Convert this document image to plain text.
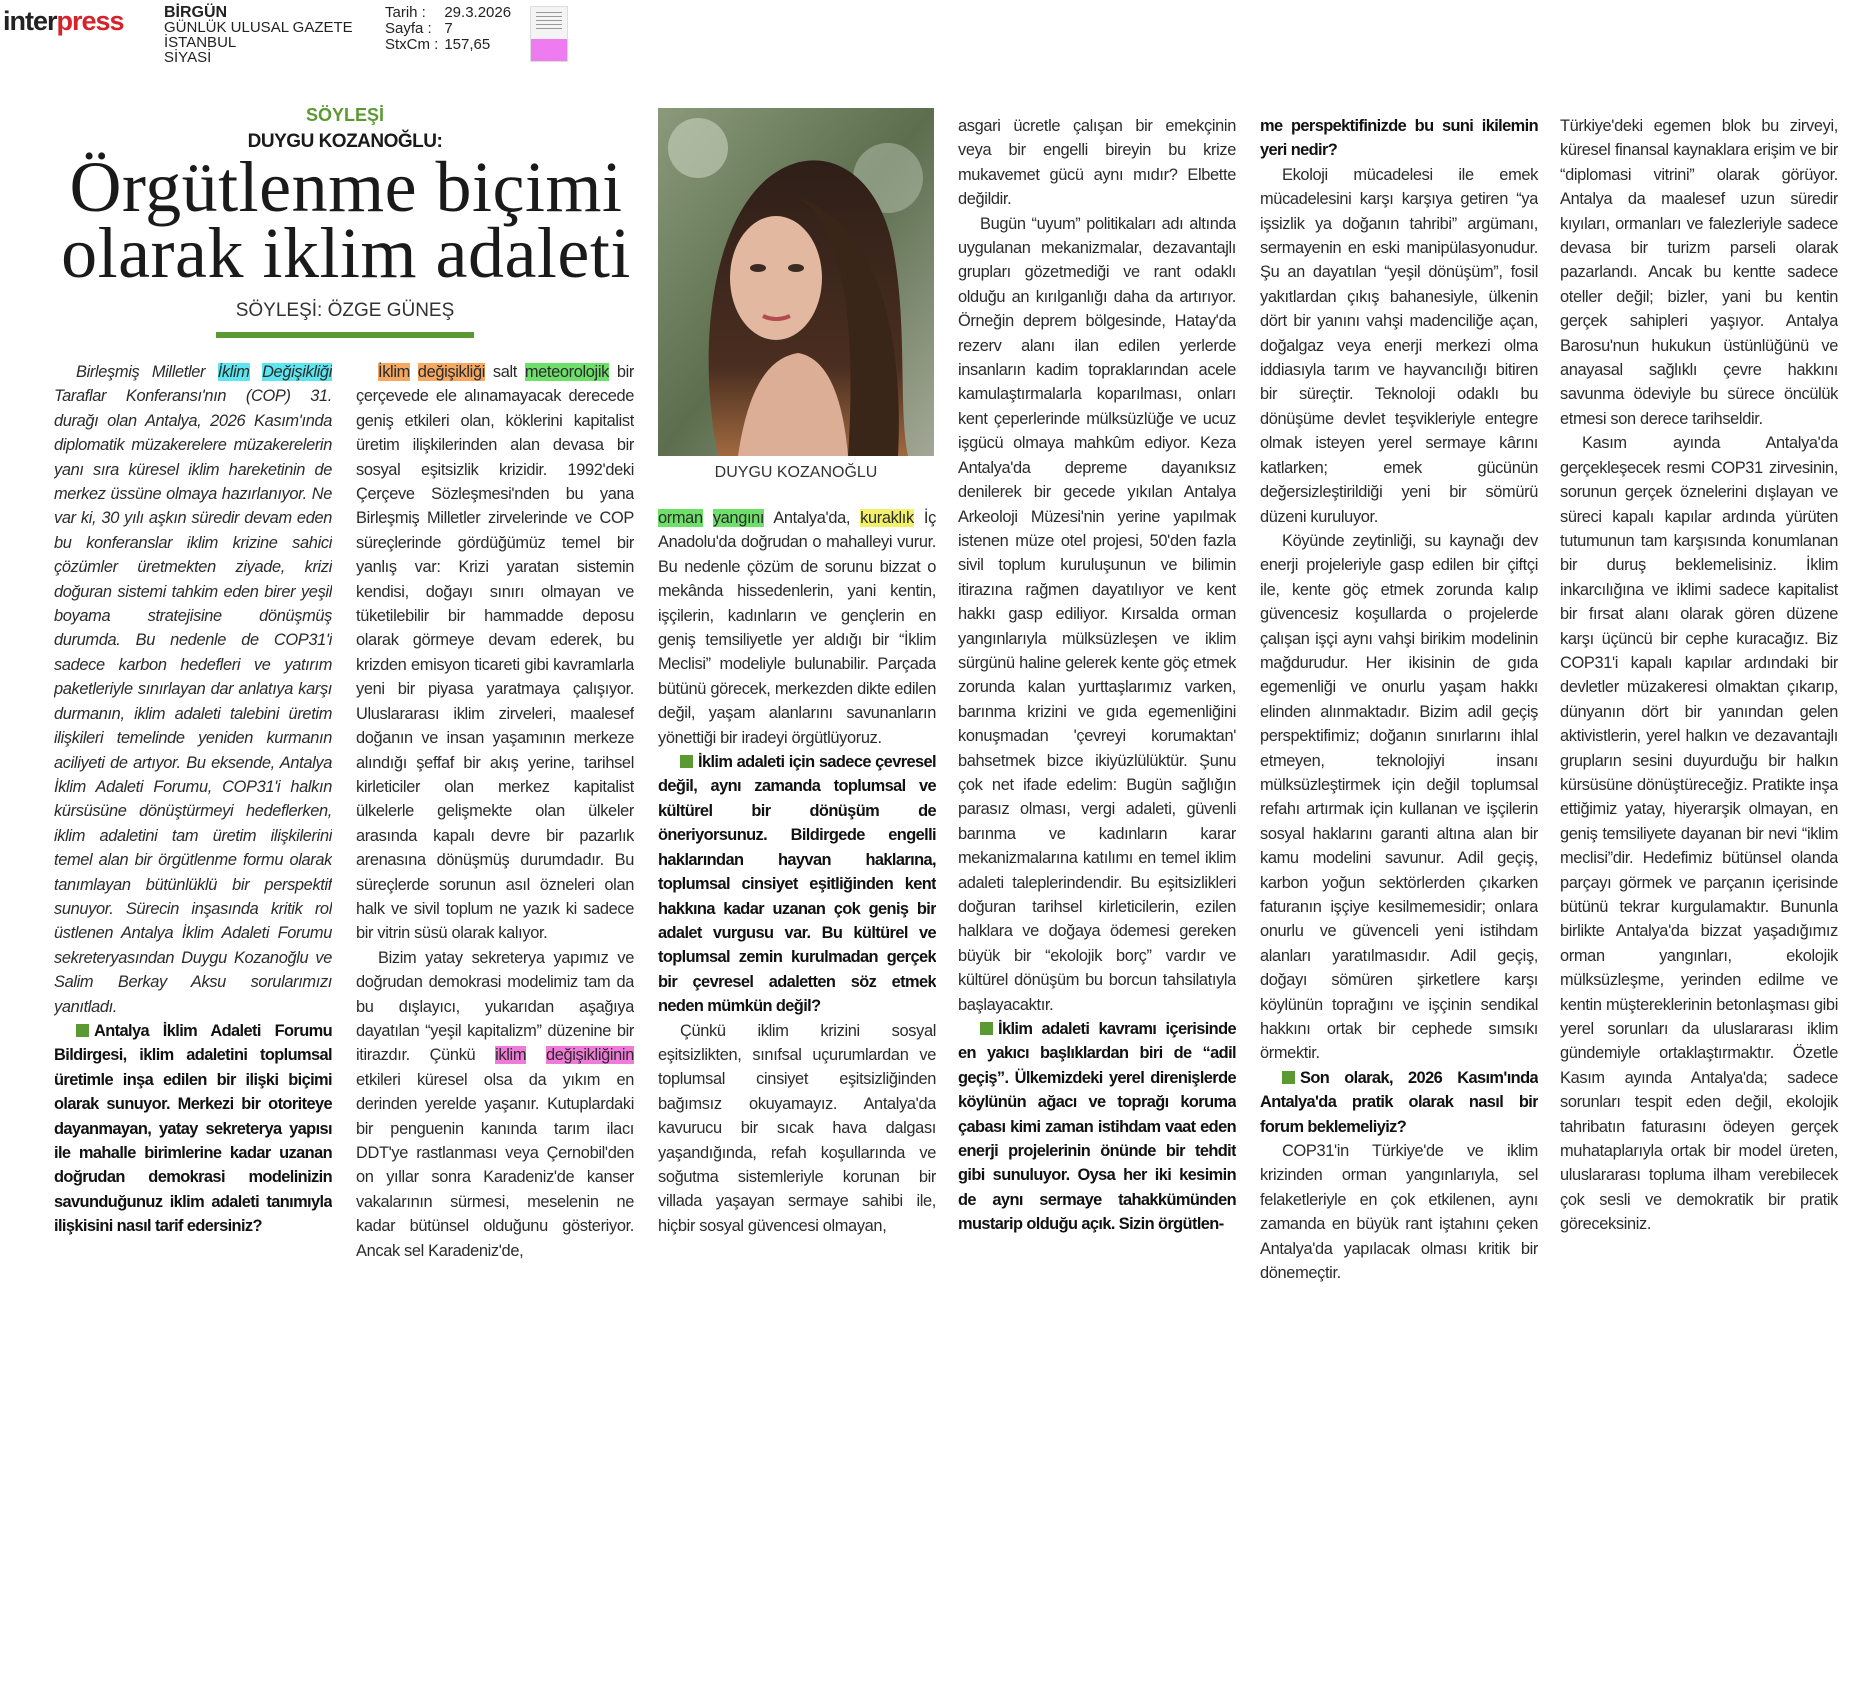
interpress	BİRGÜN
GÜNLÜK ULUSAL GAZETE
İSTANBUL
SİYASİ
Tarih :	29.3.2026
Sayfa :	7
StxCm :	157,65
SÖYLEŞİ
DUYGU KOZANOĞLU:
Örgütlenme biçimi
olarak iklim adaleti
SÖYLEŞİ: ÖZGE GÜNEŞ
DUYGU KOZANOĞLU

Birleşmiş Milletler İklim Değişikliği Taraflar Konferansı'nın (COP) 31. durağı olan Antalya, 2026 Kasım'ında diplomatik müzakerelere müzakerelerin yanı sıra küresel iklim hareketinin de merkez üssüne olmaya hazırlanıyor. Ne var ki, 30 yılı aşkın süredir devam eden bu konferanslar iklim krizine sahici çözümler üretmekten ziyade, krizi doğuran sistemi tahkim eden birer yeşil boyama stratejisine dönüşmüş durumda. Bu nedenle de COP31'i sadece karbon hedefleri ve yatırım paketleriyle sınırlayan dar anlatıya karşı durmanın, iklim adaleti talebini üretim ilişkileri temelinde yeniden kurmanın aciliyeti de artıyor. Bu eksende, Antalya İklim Adaleti Forumu, COP31'i halkın kürsüsüne dönüştürmeyi hedeflerken, iklim adaletini tam üretim ilişkilerini temel alan bir örgütlenme formu olarak tanımlayan bütünlüklü bir perspektif sunuyor. Sürecin inşasında kritik rol üstlenen Antalya İklim Adaleti Forumu sekreteryasından Duygu Kozanoğlu ve Salim Berkay Aksu sorularımızı yanıtladı.

Antalya İklim Adaleti Forumu Bildirgesi, iklim adaletini toplumsal üretimle inşa edilen bir ilişki biçimi olarak sunuyor. Merkezi bir otoriteye dayanmayan, yatay sekreterya yapısı ile mahalle birimlerine kadar uzanan doğrudan demokrasi modelinizin savunduğunuz iklim adaleti tanımıyla ilişkisini nasıl tarif edersiniz?

İklim değişikliği salt meteorolojik bir çerçevede ele alınamayacak derecede geniş etkileri olan, köklerini kapitalist üretim ilişkilerinden alan devasa bir sosyal eşitsizlik krizidir. 1992'deki Çerçeve Sözleşmesi'nden bu yana Birleşmiş Milletler zirvelerinde ve COP süreçlerinde gördüğümüz temel bir yanlış var: Krizi yaratan sistemin kendisi, doğayı sınırı olmayan ve tüketilebilir bir hammadde deposu olarak görmeye devam ederek, bu krizden emisyon ticareti gibi kavramlarla yeni bir piyasa yaratmaya çalışıyor. Uluslararası iklim zirveleri, maalesef doğanın ve insan yaşamının merkeze alındığı şeffaf bir akış yerine, tarihsel kirleticiler olan merkez kapitalist ülkelerle gelişmekte olan ülkeler arasında kapalı devre bir pazarlık arenasına dönüşmüş durumdadır. Bu süreçlerde sorunun asıl özneleri olan halk ve sivil toplum ne yazık ki sadece bir vitrin süsü olarak kalıyor.

Bizim yatay sekreterya yapımız ve doğrudan demokrasi modelimiz tam da bu dışlayıcı, yukarıdan aşağıya dayatılan “yeşil kapitalizm” düzenine bir itirazdır. Çünkü iklim değişikliğinin etkileri küresel olsa da yıkım en derinden yerelde yaşanır. Kutuplardaki bir penguenin kanında tarım ilacı DDT'ye rastlanması veya Çernobil'den on yıllar sonra Karadeniz'de kanser vakalarının sürmesi, meselenin ne kadar bütünsel olduğunu gösteriyor. Ancak sel Karadeniz'de,

orman yangını Antalya'da, kuraklık İç Anadolu'da doğrudan o mahalleyi vurur. Bu nedenle çözüm de sorunu bizzat o mekânda hissedenlerin, yani kentin, işçilerin, kadınların ve gençlerin en geniş temsiliyetle yer aldığı bir “İklim Meclisi” modeliyle bulunabilir. Parçada bütünü görecek, merkezden dikte edilen değil, yaşam alanlarını savunanların yönettiği bir iradeyi örgütlüyoruz.

İklim adaleti için sadece çevresel değil, aynı zamanda toplumsal ve kültürel bir dönüşüm de öneriyorsunuz. Bildirgede engelli haklarından hayvan haklarına, toplumsal cinsiyet eşitliğinden kent hakkına kadar uzanan çok geniş bir adalet vurgusu var. Bu kültürel ve toplumsal zemin kurulmadan gerçek bir çevresel adaletten söz etmek neden mümkün değil?

Çünkü iklim krizini sosyal eşitsizlikten, sınıfsal uçurumlardan ve toplumsal cinsiyet eşitsizliğinden bağımsız okuyamayız. Antalya'da kavurucu bir sıcak hava dalgası yaşandığında, refah koşullarında ve soğutma sistemleriyle korunan bir villada yaşayan sermaye sahibi ile, hiçbir sosyal güvencesi olmayan,

asgari ücretle çalışan bir emekçinin veya bir engelli bireyin bu krize mukavemet gücü aynı mıdır? Elbette değildir.

Bugün “uyum” politikaları adı altında uygulanan mekanizmalar, dezavantajlı grupları gözetmediği ve rant odaklı olduğu an kırılganlığı daha da artırıyor. Örneğin deprem bölgesinde, Hatay'da rezerv alanı ilan edilen yerlerde insanların kadim topraklarından acele kamulaştırmalarla koparılması, onları kent çeperlerinde mülksüzlüğe ve ucuz işgücü olmaya mahkûm ediyor. Keza Antalya'da depreme dayanıksız denilerek bir gecede yıkılan Antalya Arkeoloji Müzesi'nin yerine yapılmak istenen müze otel projesi, 50'den fazla sivil toplum kuruluşunun ve bilimin itirazına rağmen dayatılıyor ve kent hakkı gasp ediliyor. Kırsalda orman yangınlarıyla mülksüzleşen ve iklim sürgünü haline gelerek kente göç etmek zorunda kalan yurttaşlarımız varken, barınma krizini ve gıda egemenliğini konuşmadan 'çevreyi korumaktan' bahsetmek bizce ikiyüzlülüktür. Şunu çok net ifade edelim: Bugün sağlığın parasız olması, vergi adaleti, güvenli barınma ve kadınların karar mekanizmalarına katılımı en temel iklim adaleti taleplerindendir. Bu eşitsizlikleri doğuran tarihsel kirleticilerin, ezilen halklara ve doğaya ödemesi gereken büyük bir “ekolojik borç” vardır ve kültürel dönüşüm bu borcun tahsilatıyla başlayacaktır.

İklim adaleti kavramı içerisinde en yakıcı başlıklardan biri de “adil geçiş”. Ülkemizdeki yerel direnişlerde köylünün ağacı ve toprağı koruma çabası kimi zaman istihdam vaat eden enerji projelerinin önünde bir tehdit gibi sunuluyor. Oysa her iki kesimin de aynı sermaye tahakkümünden mustarip olduğu açık. Sizin örgütlen-

me perspektifinizde bu suni ikilemin yeri nedir?

Ekoloji mücadelesi ile emek mücadelesini karşı karşıya getiren “ya işsizlik ya doğanın tahribi” argümanı, sermayenin en eski manipülasyonudur. Şu an dayatılan “yeşil dönüşüm”, fosil yakıtlardan çıkış bahanesiyle, ülkenin dört bir yanını vahşi madenciliğe açan, doğalgaz veya enerji merkezi olma iddiasıyla tarım ve hayvancılığı bitiren bir süreçtir. Teknoloji odaklı bu dönüşüme devlet teşvikleriyle entegre olmak isteyen yerel sermaye kârını katlarken; emek gücünün değersizleştirildiği yeni bir sömürü düzeni kuruluyor.

Köyünde zeytinliği, su kaynağı dev enerji projeleriyle gasp edilen bir çiftçi ile, kente göç etmek zorunda kalıp güvencesiz koşullarda o projelerde çalışan işçi aynı vahşi birikim modelinin mağdurudur. Her ikisinin de gıda egemenliği ve onurlu yaşam hakkı elinden alınmaktadır. Bizim adil geçiş perspektifimiz; doğanın sınırlarını ihlal etmeyen, teknolojiyi insanı mülksüzleştirmek için değil toplumsal refahı artırmak için kullanan ve işçilerin sosyal haklarını garanti altına alan bir kamu modelini savunur. Adil geçiş, karbon yoğun sektörlerden çıkarken faturanın işçiye kesilmemesidir; onlara onurlu ve güvenceli yeni istihdam alanları yaratılmasıdır. Adil geçiş, doğayı sömüren şirketlere karşı köylünün toprağını ve işçinin sendikal hakkını ortak bir cephede sımsıkı örmektir.

Son olarak, 2026 Kasım'ında Antalya'da pratik olarak nasıl bir forum beklemeliyiz?

COP31'in Türkiye'de ve iklim krizinden orman yangınlarıyla, sel felaketleriyle en çok etkilenen, aynı zamanda en büyük rant iştahını çeken Antalya'da yapılacak olması kritik bir dönemeçtir.

Türkiye'deki egemen blok bu zirveyi, küresel finansal kaynaklara erişim ve bir “diplomasi vitrini” olarak görüyor. Antalya da maalesef uzun süredir kıyıları, ormanları ve falezleriyle sadece devasa bir turizm parseli olarak pazarlandı. Ancak bu kentte sadece oteller değil; bizler, yani bu kentin gerçek sahipleri yaşıyor. Antalya Barosu'nun hukukun üstünlüğünü ve anayasal sağlıklı çevre hakkını savunma ödeviyle bu sürece öncülük etmesi son derece tarihseldir.

Kasım ayında Antalya'da gerçekleşecek resmi COP31 zirvesinin, sorunun gerçek öznelerini dışlayan ve süreci kapalı kapılar ardında yürüten tutumunun tam karşısında konumlanan bir duruş beklemelisiniz. İklim inkarcılığına ve iklimi sadece kapitalist bir fırsat alanı olarak gören düzene karşı üçüncü bir cephe kuracağız. Biz COP31'i kapalı kapılar ardındaki bir devletler müzakeresi olmaktan çıkarıp, dünyanın dört bir yanından gelen aktivistlerin, yerel halkın ve dezavantajlı grupların sesini duyurduğu bir halkın kürsüsüne dönüştüreceğiz. Pratikte inşa ettiğimiz yatay, hiyerarşik olmayan, en geniş temsiliyete dayanan bir nevi “iklim meclisi”dir. Hedefimiz bütünsel olanda parçayı görmek ve parçanın içerisinde bütünü tekrar kurgulamaktır. Bununla birlikte Antalya'da bizzat yaşadığımız orman yangınları, ekolojik mülksüzleşme, yerinden edilme ve kentin müştereklerinin betonlaşması gibi yerel sorunları da uluslararası iklim gündemiyle ortaklaştırmaktır. Özetle Kasım ayında Antalya'da; sadece sorunları tespit eden değil, ekolojik tahribatın faturasını ödeyen gerçek muhataplarıyla ortak bir model üreten, uluslararası topluma ilham verebilecek çok sesli ve demokratik bir pratik göreceksiniz.
